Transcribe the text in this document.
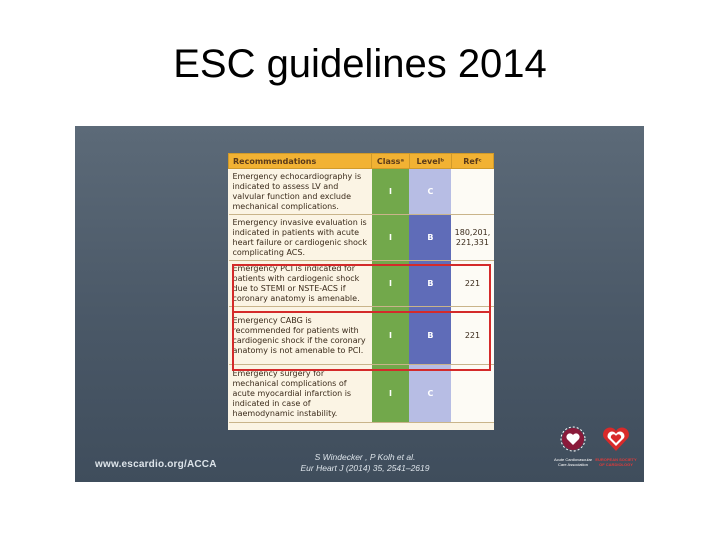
ESC guidelines 2014
Recommendations	Classᵃ	Levelᵇ	Refᶜ
Emergency echocardiography is indicated to assess LV and valvular function and exclude mechanical complications.	I	C	
Emergency invasive evaluation is indicated in patients with acute heart failure or cardiogenic shock complicating ACS.	I	B	180,201, 221,331
Emergency PCI is indicated for patients with cardiogenic shock due to STEMI or NSTE-ACS if coronary anatomy is amenable.	I	B	221
Emergency CABG is recommended for patients with cardiogenic shock if the coronary anatomy is not amenable to PCI.	I	B	221
Emergency surgery for mechanical complications of acute myocardial infarction is indicated in case of haemodynamic instability.	I	C	
www.escardio.org/ACCA
S Windecker , P Kolh et al.
Eur Heart J (2014) 35, 2541–2619
Acute Cardiovascular Care Association
EUROPEAN SOCIETY OF CARDIOLOGY
